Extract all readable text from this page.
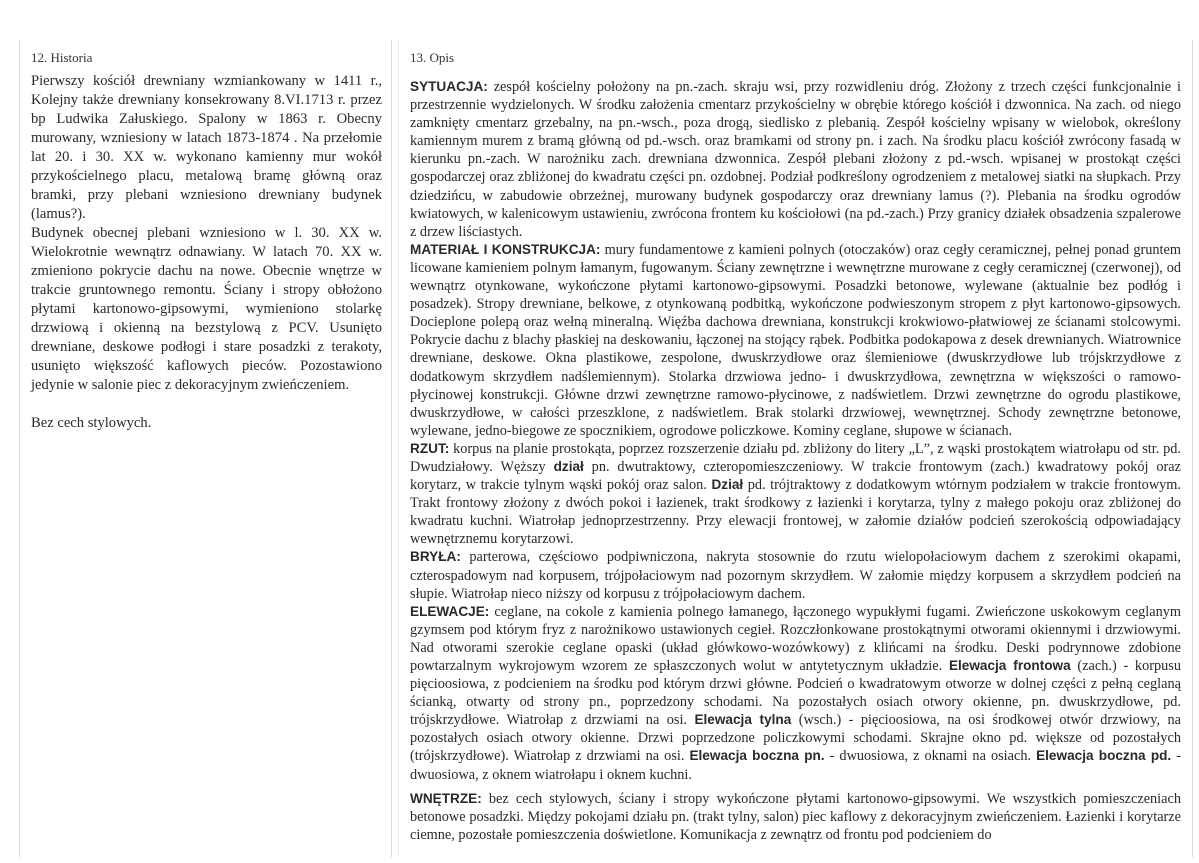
12. Historia

Pierwszy kościół drewniany wzmiankowany w 1411 r., Kolejny także drewniany konsekrowany 8.VI.1713 r. przez bp Ludwika Załuskiego. Spalony w 1863 r. Obecny murowany, wzniesiony w latach 1873-1874 . Na przełomie lat 20. i 30. XX w. wykonano kamienny mur wokół przykościelnego placu, metalową bramę główną oraz bramki, przy plebani wzniesiono drewniany budynek (lamus?).

Budynek obecnej plebani wzniesiono w l. 30. XX w. Wielokrotnie wewnątrz odnawiany. W latach 70. XX w. zmieniono pokrycie dachu na nowe. Obecnie wnętrze w trakcie gruntownego remontu. Ściany i stropy obłożono płytami kartonowo-gipsowymi, wymieniono stolarkę drzwiową i okienną na bezstylową z PCV. Usunięto drewniane, deskowe podłogi i stare posadzki z terakoty, usunięto większość kaflowych pieców. Pozostawiono jedynie w salonie piec z dekoracyjnym zwieńczeniem.

Bez cech stylowych.

13. Opis

SYTUACJA: zespół kościelny położony na pn.-zach. skraju wsi, przy rozwidleniu dróg. Złożony z trzech części funkcjonalnie i przestrzennie wydzielonych. W środku założenia cmentarz przykościelny w obrębie którego kościół i dzwonnica. Na zach. od niego zamknięty cmentarz grzebalny, na pn.-wsch., poza drogą, siedlisko z plebanią. Zespół kościelny wpisany w wielobok, określony kamiennym murem z bramą główną od pd.-wsch. oraz bramkami od strony pn. i zach. Na środku placu kościół zwrócony fasadą w kierunku pn.-zach. W narożniku zach. drewniana dzwonnica. Zespół plebani złożony z pd.-wsch. wpisanej w prostokąt części gospodarczej oraz zbliżonej do kwadratu części pn. ozdobnej. Podział podkreślony ogrodzeniem z metalowej siatki na słupkach. Przy dziedzińcu, w zabudowie obrzeżnej, murowany budynek gospodarczy oraz drewniany lamus (?). Plebania na środku ogrodów kwiatowych, w kalenicowym ustawieniu, zwrócona frontem ku kościołowi (na pd.-zach.) Przy granicy działek obsadzenia szpalerowe z drzew liściastych.

MATERIAŁ I KONSTRUKCJA: mury fundamentowe z kamieni polnych (otoczaków) oraz cegły ceramicznej, pełnej ponad gruntem licowane kamieniem polnym łamanym, fugowanym. Ściany zewnętrzne i wewnętrzne murowane z cegły ceramicznej (czerwonej), od wewnątrz otynkowane, wykończone płytami kartonowo-gipsowymi. Posadzki betonowe, wylewane (aktualnie bez podłóg i posadzek). Stropy drewniane, belkowe, z otynkowaną podbitką, wykończone podwieszonym stropem z płyt kartonowo-gipsowych. Docieplone polepą oraz wełną mineralną. Więźba dachowa drewniana, konstrukcji krokwiowo-płatwiowej ze ścianami stolcowymi. Pokrycie dachu z blachy płaskiej na deskowaniu, łączonej na stojący rąbek. Podbitka podokapowa z desek drewnianych. Wiatrownice drewniane, deskowe. Okna plastikowe, zespolone, dwuskrzydłowe oraz ślemieniowe (dwuskrzydłowe lub trójskrzydłowe z dodatkowym skrzydłem nadślemiennym). Stolarka drzwiowa jedno- i dwuskrzydłowa, zewnętrzna w większości o ramowo-płycinowej konstrukcji. Główne drzwi zewnętrzne ramowo-płycinowe, z nadświetlem. Drzwi zewnętrzne do ogrodu plastikowe, dwuskrzydłowe, w całości przeszklone, z nadświetlem. Brak stolarki drzwiowej, wewnętrznej. Schody zewnętrzne betonowe, wylewane, jedno-biegowe ze spocznikiem, ogrodowe policzkowe. Kominy ceglane, słupowe w ścianach.

RZUT: korpus na planie prostokąta, poprzez rozszerzenie działu pd. zbliżony do litery „L”, z wąski prostokątem wiatrołapu od str. pd. Dwudziałowy. Węższy dział pn. dwutraktowy, czteropomieszczeniowy. W trakcie frontowym (zach.) kwadratowy pokój oraz korytarz, w trakcie tylnym wąski pokój oraz salon. Dział pd. trójtraktowy z dodatkowym wtórnym podziałem w trakcie frontowym. Trakt frontowy złożony z dwóch pokoi i łazienek, trakt środkowy z łazienki i korytarza, tylny z małego pokoju oraz zbliżonej do kwadratu kuchni. Wiatrołap jednoprzestrzenny. Przy elewacji frontowej, w załomie działów podcień szerokością odpowiadający wewnętrznemu korytarzowi.

BRYŁA: parterowa, częściowo podpiwniczona, nakryta stosownie do rzutu wielopołaciowym dachem z szerokimi okapami, czterospadowym nad korpusem, trójpołaciowym nad pozornym skrzydłem. W załomie między korpusem a skrzydłem podcień na słupie. Wiatrołap nieco niższy od korpusu z trójpołaciowym dachem.

ELEWACJE: ceglane, na cokole z kamienia polnego łamanego, łączonego wypukłymi fugami. Zwieńczone uskokowym ceglanym gzymsem pod którym fryz z narożnikowo ustawionych cegieł. Rozczłonkowane prostokątnymi otworami okiennymi i drzwiowymi. Nad otworami szerokie ceglane opaski (układ główkowo-wozówkowy) z klińcami na środku. Deski podrynnowe zdobione powtarzalnym wykrojowym wzorem ze spłaszczonych wolut w antytetycznym układzie. Elewacja frontowa (zach.) - korpusu pięcioosiowa, z podcieniem na środku pod którym drzwi główne. Podcień o kwadratowym otworze w dolnej części z pełną ceglaną ścianką, otwarty od strony pn., poprzedzony schodami. Na pozostałych osiach otwory okienne, pn. dwuskrzydłowe, pd. trójskrzydłowe. Wiatrołap z drzwiami na osi. Elewacja tylna (wsch.) - pięcioosiowa, na osi środkowej otwór drzwiowy, na pozostałych osiach otwory okienne. Drzwi poprzedzone policzkowymi schodami. Skrajne okno pd. większe od pozostałych (trójskrzydłowe). Wiatrołap z drzwiami na osi. Elewacja boczna pn. - dwuosiowa, z oknami na osiach. Elewacja boczna pd. - dwuosiowa, z oknem wiatrołapu i oknem kuchni.

WNĘTRZE: bez cech stylowych, ściany i stropy wykończone płytami kartonowo-gipsowymi. We wszystkich pomieszczeniach betonowe posadzki. Między pokojami działu pn. (trakt tylny, salon) piec kaflowy z dekoracyjnym zwieńczeniem. Łazienki i korytarze ciemne, pozostałe pomieszczenia doświetlone. Komunikacja z zewnątrz od frontu pod podcieniem do
